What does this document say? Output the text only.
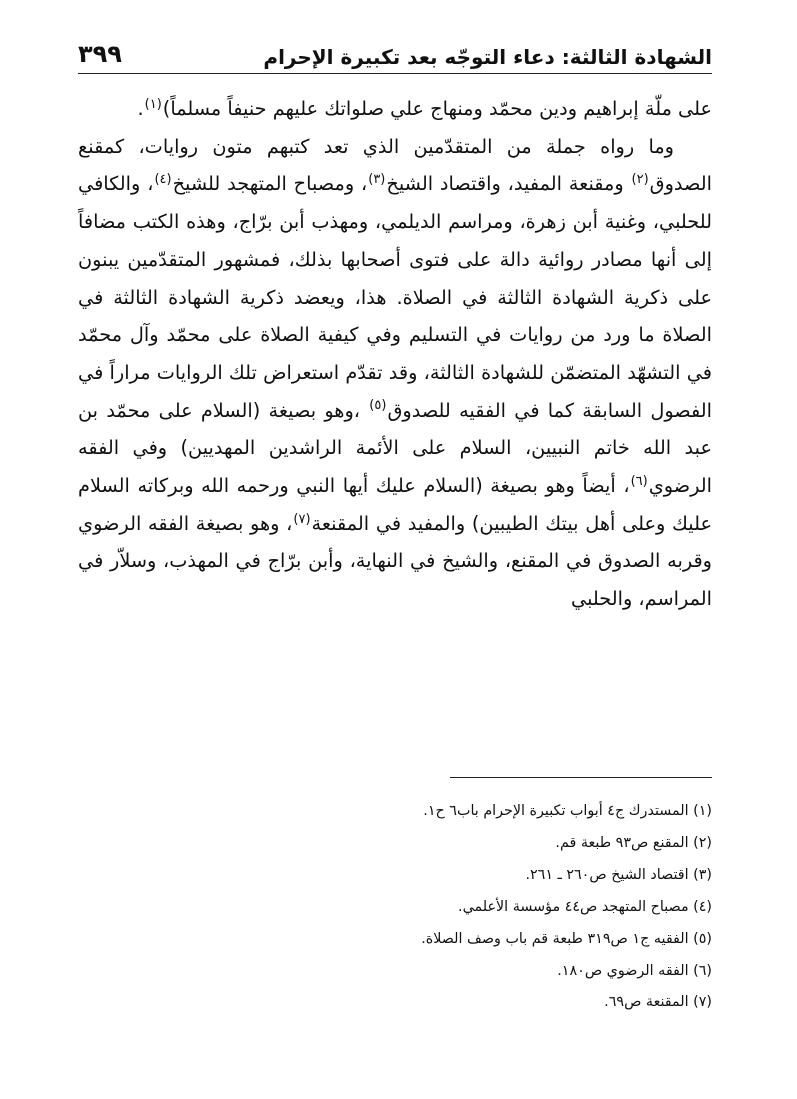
الشهادة الثالثة: دعاء التوجّه بعد تكبيرة الإحرام
٣٩٩

على ملّة إبراهيم ودين محمّد ومنهاج علي صلواتك عليهم حنيفاً مسلماً)$^{(١)}$.

وما رواه جملة من المتقدّمين الذي تعد كتبهم متون روايات، كمقنع الصدوق$^{(٢)}$ ومقنعة المفيد، واقتصاد الشيخ$^{(٣)}$، ومصباح المتهجد للشيخ$^{(٤)}$، والكافي للحلبي، وغنية أبن زهرة، ومراسم الديلمي، ومهذب أبن برّاج، وهذه الكتب مضافاً إلى أنها مصادر روائية دالة على فتوى أصحابها بذلك، فمشهور المتقدّمين يبنون على ذكرية الشهادة الثالثة في الصلاة. هذا، ويعضد ذكرية الشهادة الثالثة في الصلاة ما ورد من روايات في التسليم وفي كيفية الصلاة على محمّد وآل محمّد في التشهّد المتضمّن للشهادة الثالثة، وقد تقدّم استعراض تلك الروايات مراراً في الفصول السابقة كما في الفقيه للصدوق$^{(٥)}$ ،وهو بصيغة (السلام على محمّد بن عبد الله خاتم النبيين، السلام على الأئمة الراشدين المهديين) وفي الفقه الرضوي$^{(٦)}$، أيضاً وهو بصيغة (السلام عليك أيها النبي ورحمه الله وبركاته السلام عليك وعلى أهل بيتك الطيبين) والمفيد في المقنعة$^{(٧)}$، وهو بصيغة الفقه الرضوي وقربه الصدوق في المقنع، والشيخ في النهاية، وأبن برّاج في المهذب، وسلاّر في المراسم، والحلبي

(١) المستدرك ج٤ أبواب تكبيرة الإحرام باب٦ ح١.
(٢) المقنع ص٩٣ طبعة قم.
(٣) اقتصاد الشيخ ص٢٦٠ ـ ٢٦١.
(٤) مصباح المتهجد ص٤٤ مؤسسة الأعلمي.
(٥) الفقيه ج١ ص٣١٩ طبعة قم باب وصف الصلاة.
(٦) الفقه الرضوي ص١٨٠.
(٧) المقنعة ص٦٩.
